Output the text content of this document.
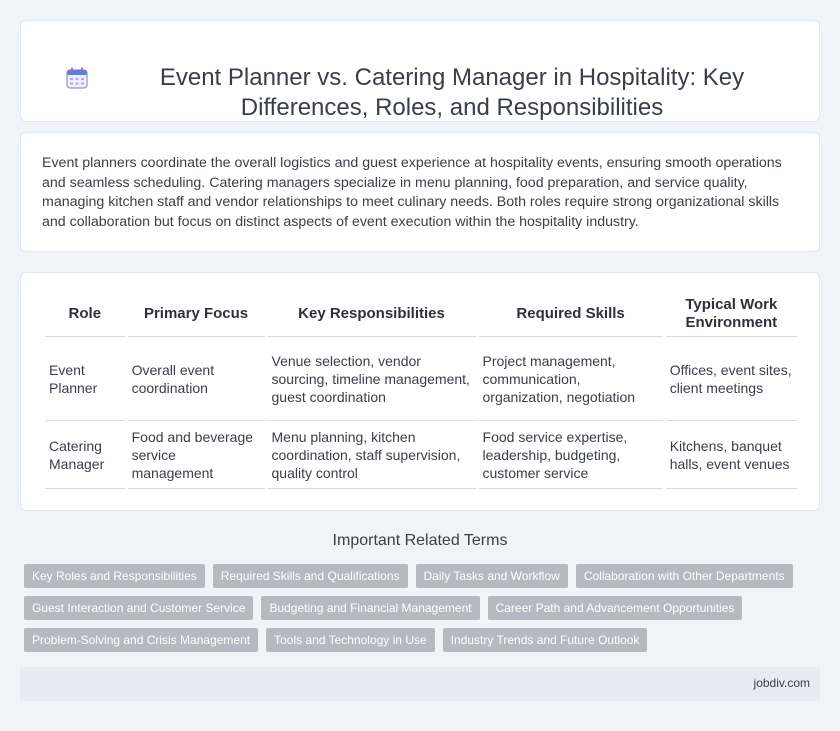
Event Planner vs. Catering Manager in Hospitality: Key Differences, Roles, and Responsibilities

Event planners coordinate the overall logistics and guest experience at hospitality events, ensuring smooth operations and seamless scheduling. Catering managers specialize in menu planning, food preparation, and service quality, managing kitchen staff and vendor relationships to meet culinary needs. Both roles require strong organizational skills and collaboration but focus on distinct aspects of event execution within the hospitality industry.

Role	Primary Focus	Key Responsibilities	Required Skills	Typical Work Environment
Event Planner	Overall event coordination	Venue selection, vendor sourcing, timeline management, guest coordination	Project management, communication, organization, negotiation	Offices, event sites, client meetings
Catering Manager	Food and beverage service management	Menu planning, kitchen coordination, staff supervision, quality control	Food service expertise, leadership, budgeting, customer service	Kitchens, banquet halls, event venues
Important Related Terms
Key Roles and Responsibilities	Required Skills and Qualifications	Daily Tasks and Workflow	Collaboration with Other Departments
Guest Interaction and Customer Service	Budgeting and Financial Management	Career Path and Advancement Opportunities
Problem-Solving and Crisis Management	Tools and Technology in Use	Industry Trends and Future Outlook
jobdiv.com
